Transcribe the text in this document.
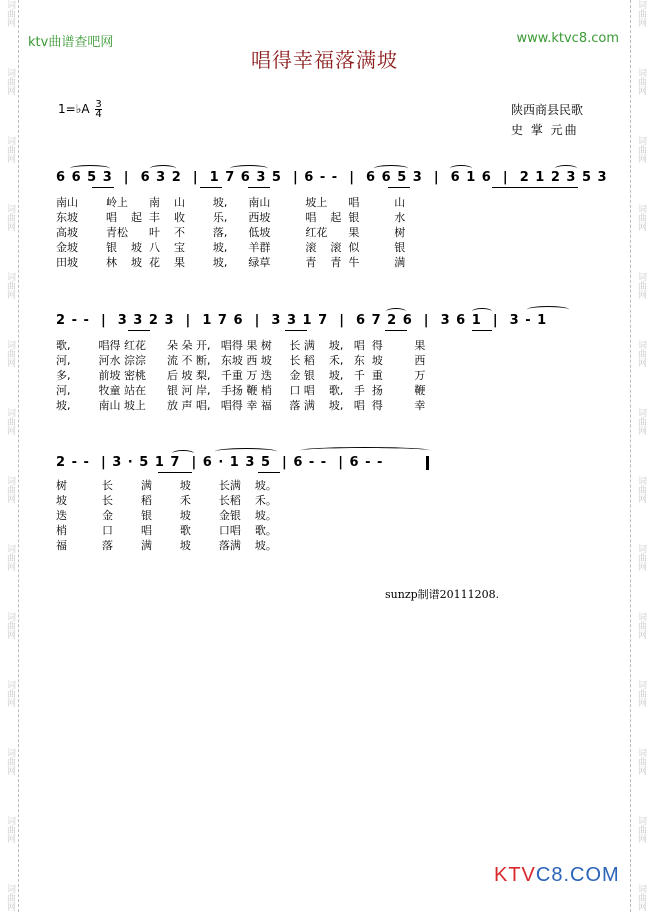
词曲网
词曲网
词曲网
词曲网
词曲网
词曲网
词曲网
词曲网
词曲网
词曲网
词曲网
词曲网
词曲网
词曲网
词曲网
词曲网
词曲网
词曲网
词曲网
词曲网
词曲网
词曲网
词曲网
词曲网
词曲网
词曲网
词曲网
词曲网
ktv曲谱查吧网	www.ktvc8.com
唱得幸福落满坡
1=♭A $\frac{3}{4}$	陕西商县民歌
史 掌 元曲
6 6 5 3  |  6 3 2  |  1 7 6 3 5  | 6 - -  |  6 6 5 3  |  6 1 6  |  2 1 2 3 5 3
南山        岭上      南    山        坡,      南山          坡上      唱          山
东坡        唱    起  丰    收        乐,      西坡          唱    起  银          水
高坡        青松      叶    不        落,      低坡          红花      果          树
金坡        银    坡  八    宝        坡,      羊群          滚    滚  似          银
田坡        林    坡  花    果        坡,      绿草          青    青  牛          满
2 - -  |  3 3 2 3  |  1 7 6  |  3 3 1 7  |  6 7 2 6  |  3 6 1  |  3 - 1
歌,        唱得 红花      朵 朵 开,   唱得 果 树     长 满    坡,   唱  得         果
河,        河水 淙淙      流 不 断,   东坡 西 坡     长 稻    禾,   东  坡         西
多,        前坡 密桃      后 坡 梨,   千重 万 迭     金 银    坡,   千  重         万
河,        牧童 站在      银 河 岸,   手扬 鞭 梢     口 唱    歌,   手  扬         鞭
坡,        南山 坡上      放 声 唱,   唱得 幸 福     落 满    坡,   唱  得         幸
2 - -  | 3 · 5 1 7  | 6 · 1 3 5  | 6 - -  | 6 - -
树          长        满        坡        长满    坡。
坡          长        稻        禾        长稻    禾。
迭          金        银        坡        金银    坡。
梢          口        唱        歌        口唱    歌。
福          落        满        坡        落满    坡。
sunzp制谱20111208.
KTVC8.COM
